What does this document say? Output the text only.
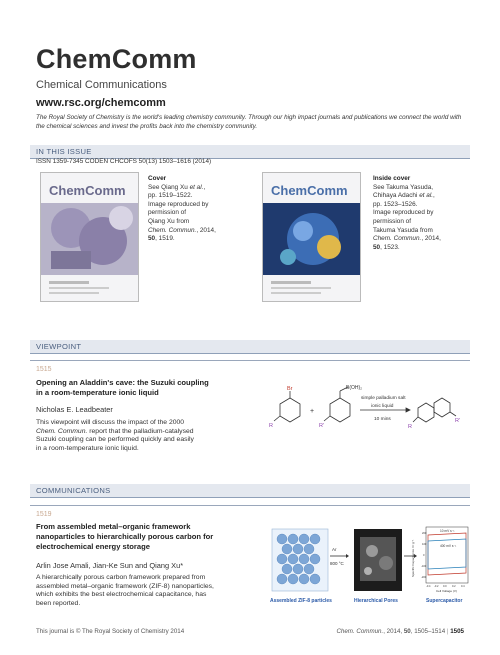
ChemComm
Chemical Communications
www.rsc.org/chemcomm
The Royal Society of Chemistry is the world's leading chemistry community. Through our high impact journals and publications we connect the world with the chemical sciences and invest the profits back into the chemistry community.
IN THIS ISSUE
ISSN 1359-7345 CODEN CHCOFS 50(13) 1503–1616 (2014)
ChemComm
Cover
See Qiang Xu et al.,
pp. 1519–1522.
Image reproduced by
permission of
Qiang Xu from
Chem. Commun., 2014,
50, 1519.
ChemComm
Inside cover
See Takuma Yasuda,
Chihaya Adachi et al.,
pp. 1523–1526.
Image reproduced by
permission of
Takuma Yasuda from
Chem. Commun., 2014,
50, 1523.
VIEWPOINT
1515
Opening an Aladdin's cave: the Suzuki coupling
in a room-temperature ionic liquid
Nicholas E. Leadbeater
This viewpoint will discuss the impact of the 2000
Chem. Commun. report that the palladium-catalysed
Suzuki coupling can be performed quickly and easily
in a room-temperature ionic liquid.
Br
R
+
B(OH)₂
R'
simple palladium salt
ionic liquid
10 mins
R
R'
COMMUNICATIONS
1519
From assembled metal–organic framework
nanoparticles to hierarchically porous carbon for
electrochemical energy storage
Arlin Jose Amali, Jian-Ke Sun and Qiang Xu*
A hierarchically porous carbon framework prepared from
assembled metal–organic framework (ZIF-8) nanoparticles,
which exhibits the best electrochemical capacitance, has
been reported.
Ar
800 °C
10 mV s⁻¹
400 mV s⁻¹
Specific Capacitance / F g⁻¹
200
100
0
-100
-200
-0.4 -0.2 0.0 0.2 0.4
Cell Voltage (V)
Assembled ZIF-8 particles	Hierarchical Pores	Supercapacitor
This journal is © The Royal Society of Chemistry 2014	Chem. Commun., 2014, 50, 1505–1514 | 1505
